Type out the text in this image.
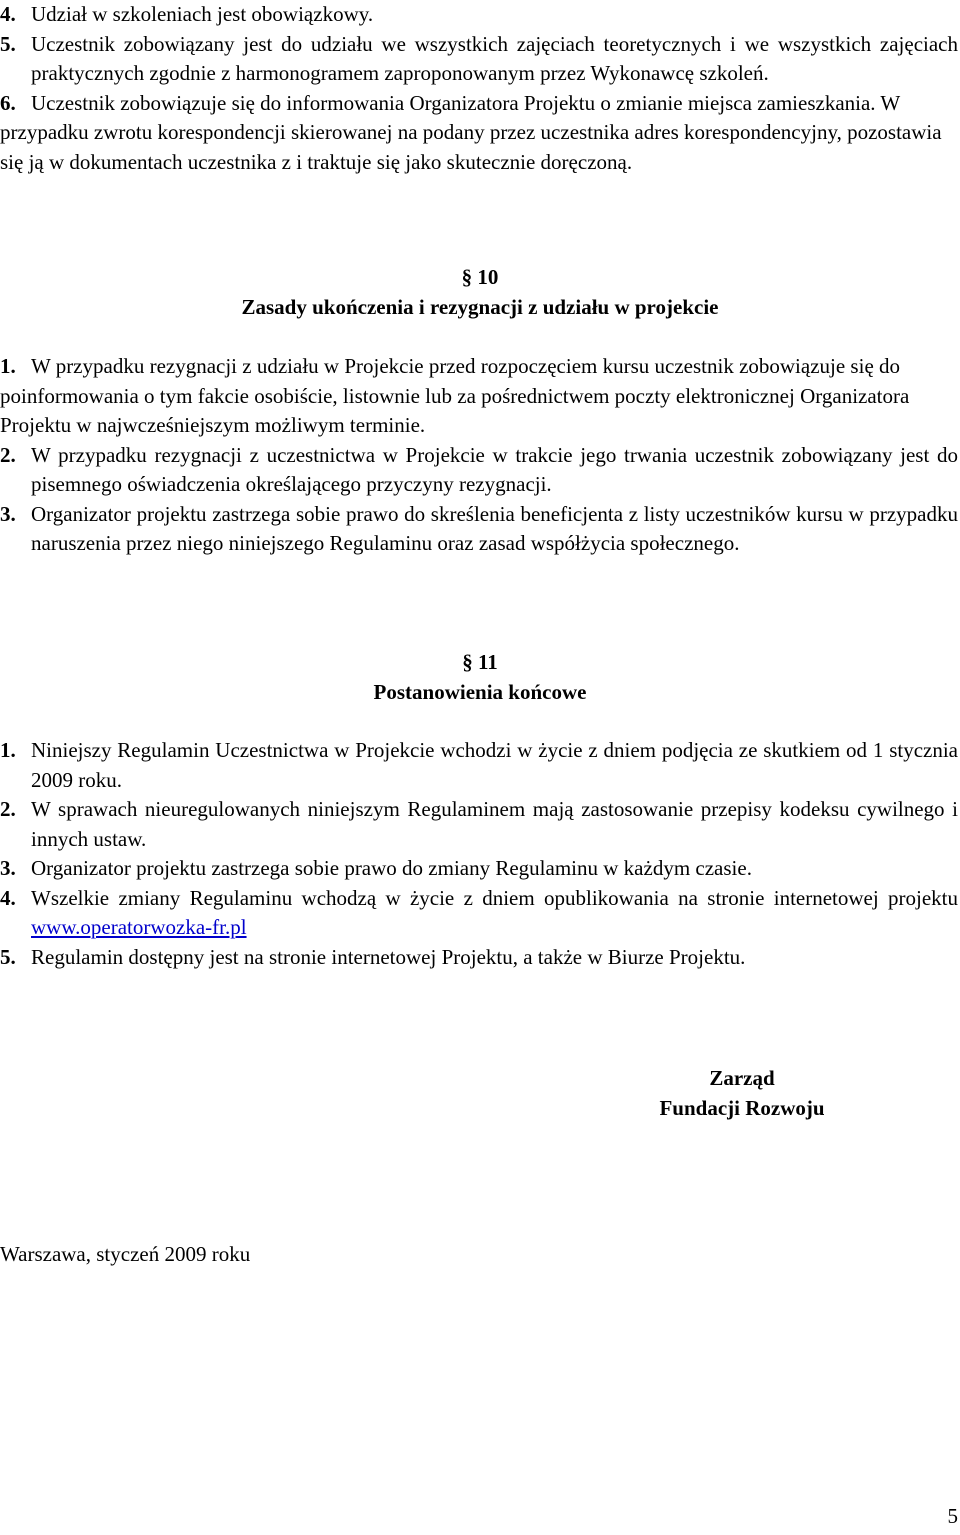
4. Udział w szkoleniach jest obowiązkowy.
5. Uczestnik zobowiązany jest do udziału we wszystkich zajęciach teoretycznych i we wszystkich zajęciach praktycznych zgodnie z harmonogramem zaproponowanym przez Wykonawcę szkoleń.
6. Uczestnik zobowiązuje się do informowania Organizatora Projektu o zmianie miejsca zamieszkania. W przypadku zwrotu korespondencji skierowanej na podany przez uczestnika adres korespondencyjny, pozostawia się ją w dokumentach uczestnika z i traktuje się jako skutecznie doręczoną.
§ 10
Zasady ukończenia i rezygnacji z udziału w projekcie
1. W przypadku rezygnacji z udziału w Projekcie przed rozpoczęciem kursu uczestnik zobowiązuje się do poinformowania o tym fakcie osobiście, listownie lub za pośrednictwem poczty elektronicznej Organizatora Projektu w najwcześniejszym możliwym terminie.
2. W przypadku rezygnacji z uczestnictwa w Projekcie w trakcie jego trwania uczestnik zobowiązany jest do pisemnego oświadczenia określającego przyczyny rezygnacji.
3. Organizator projektu zastrzega sobie prawo do skreślenia beneficjenta z listy uczestników kursu w przypadku naruszenia przez niego niniejszego Regulaminu oraz zasad współżycia społecznego.
§ 11
Postanowienia końcowe
1. Niniejszy Regulamin Uczestnictwa w Projekcie wchodzi w życie z dniem podjęcia ze skutkiem od 1 stycznia 2009 roku.
2. W sprawach nieuregulowanych niniejszym Regulaminem mają zastosowanie przepisy kodeksu cywilnego i innych ustaw.
3. Organizator projektu zastrzega sobie prawo do zmiany Regulaminu w każdym czasie.
4. Wszelkie zmiany Regulaminu wchodzą w życie z dniem opublikowania na stronie internetowej projektu www.operatorwozka-fr.pl
5. Regulamin dostępny jest na stronie internetowej Projektu, a także w Biurze Projektu.
Zarząd
Fundacji Rozwoju
Warszawa, styczeń 2009 roku
5
